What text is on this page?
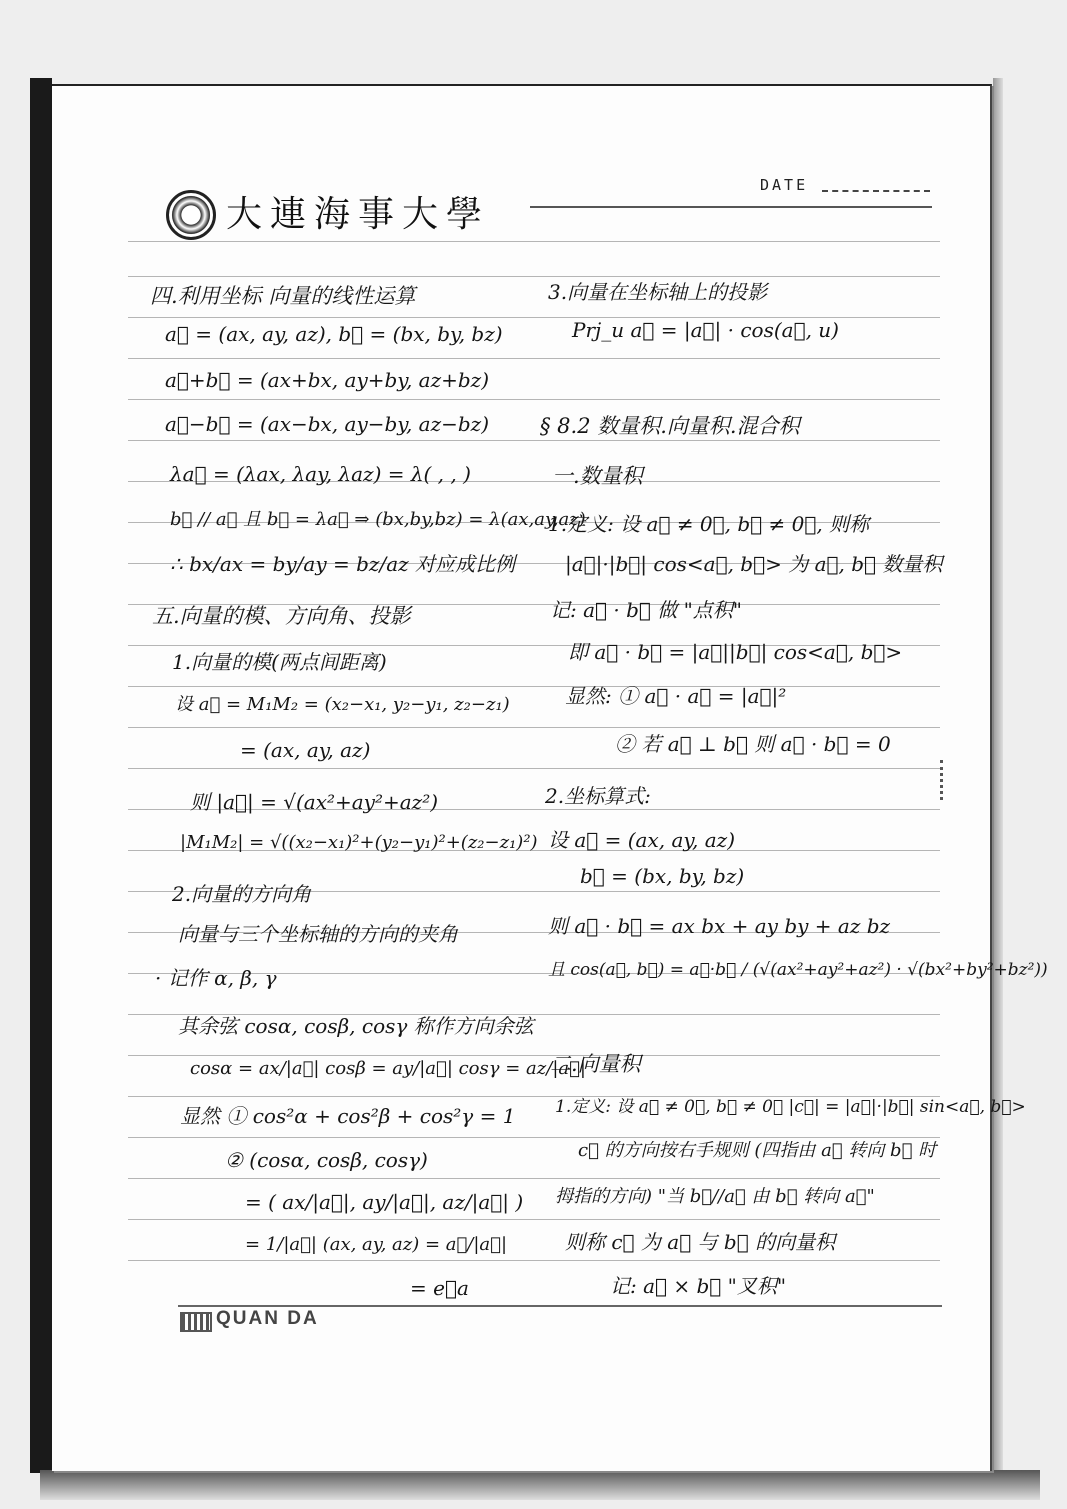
大連海事大學
DATE
四.利用坐标 向量的线性运算
a⃗ = (ax, ay, az), b⃗ = (bx, by, bz)
a⃗+b⃗ = (ax+bx, ay+by, az+bz)
a⃗−b⃗ = (ax−bx, ay−by, az−bz)
λa⃗ = (λax, λay, λaz) = λ( , , )
b⃗ // a⃗ 且 b⃗ = λa⃗ ⇒ (bx,by,bz) = λ(ax,ay,az)
∴ bx/ax = by/ay = bz/az 对应成比例
五.向量的模、方向角、投影
1.向量的模(两点间距离)
设 a⃗ = M₁M₂ = (x₂−x₁, y₂−y₁, z₂−z₁)
= (ax, ay, az)
则 |a⃗| = √(ax²+ay²+az²)
|M₁M₂| = √((x₂−x₁)²+(y₂−y₁)²+(z₂−z₁)²)
2.向量的方向角
向量与三个坐标轴的方向的夹角
· 记作 α, β, γ
其余弦 cosα, cosβ, cosγ 称作方向余弦
cosα = ax/|a⃗| cosβ = ay/|a⃗| cosγ = az/|a⃗|
显然 ① cos²α + cos²β + cos²γ = 1
② (cosα, cosβ, cosγ)
= ( ax/|a⃗|, ay/|a⃗|, az/|a⃗| )
= 1/|a⃗| (ax, ay, az) = a⃗/|a⃗|
= e⃗a
3.向量在坐标轴上的投影
Prj_u a⃗ = |a⃗| · cos(a⃗, u)
§ 8.2 数量积.向量积.混合积
一.数量积
1.定义: 设 a⃗ ≠ 0⃗, b⃗ ≠ 0⃗, 则称
|a⃗|·|b⃗| cos<a⃗, b⃗> 为 a⃗, b⃗ 数量积
记: a⃗ · b⃗ 做 "点积"
即 a⃗ · b⃗ = |a⃗||b⃗| cos<a⃗, b⃗>
显然: ① a⃗ · a⃗ = |a⃗|²
② 若 a⃗ ⊥ b⃗ 则 a⃗ · b⃗ = 0
2.坐标算式:
设 a⃗ = (ax, ay, az)
b⃗ = (bx, by, bz)
则 a⃗ · b⃗ = ax bx + ay by + az bz
且 cos(a⃗, b⃗) = a⃗·b⃗ / (√(ax²+ay²+az²) · √(bx²+by²+bz²))
二.向量积
1.定义: 设 a⃗ ≠ 0⃗, b⃗ ≠ 0⃗ |c⃗| = |a⃗|·|b⃗| sin<a⃗, b⃗>
c⃗ 的方向按右手规则 (四指由 a⃗ 转向 b⃗ 时
拇指的方向) "当 b⃗//a⃗ 由 b⃗ 转向 a⃗"
则称 c⃗ 为 a⃗ 与 b⃗ 的向量积
记: a⃗ × b⃗ "叉积"
QUAN DA
